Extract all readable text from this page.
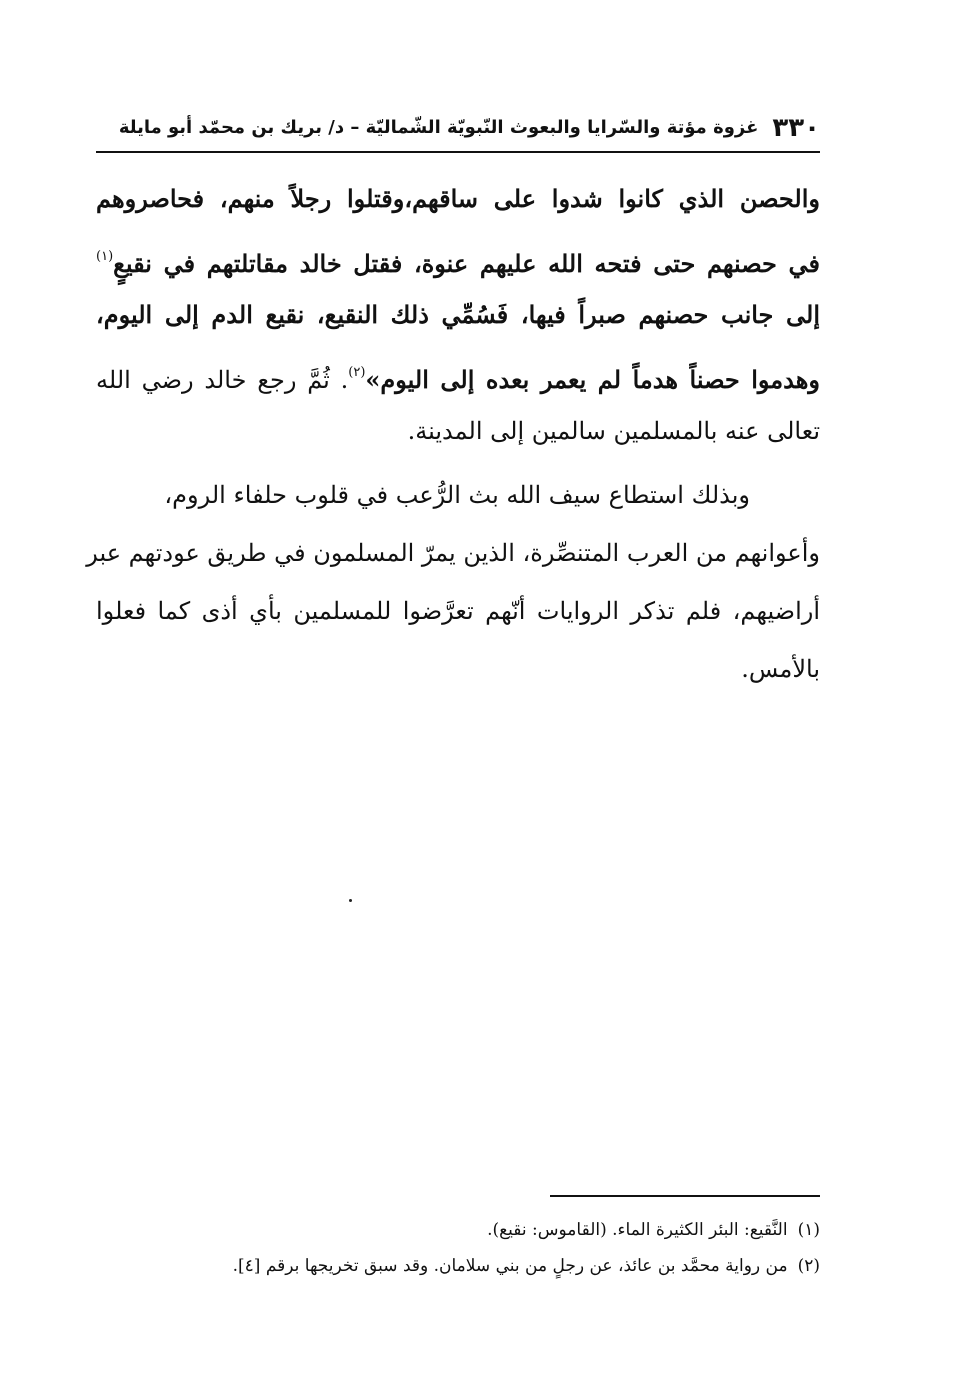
٣٣٠
غزوة مؤتة والسّرايا والبعوث النّبويّة الشّماليّة – د/ بريك بن محمّد أبو مايلة
والحصن الذي كانوا شدوا على ساقهم،وقتلوا رجلاً منهم، فحاصروهم
في حصنهم حتى فتحه الله عليهم عنوة، فقتل خالد مقاتلتهم في نقيعٍ$^{(١)}$
إلى جانب حصنهم صبراً فيها، فَسُمِّي ذلك النقيع، نقيع الدم إلى اليوم،
وهدموا حصناً هدماً لم يعمر بعده إلى اليوم»$^{(٢)}$. ثُمَّ رجع خالد رضي الله
تعالى عنه بالمسلمين سالمين إلى المدينة.
وبذلك استطاع سيف الله بث الرُّعب في قلوب حلفاء الروم،
وأعوانهم من العرب المتنصِّرة، الذين يمرّ المسلمون في طريق عودتهم عبر
أراضيهم، فلم تذكر الروايات أنّهم تعرَّضوا للمسلمين بأي أذى كما فعلوا
بالأمس.
(١)النَّقيع: البئر الكثيرة الماء. (القاموس: نقيع).
(٢)من رواية محمَّد بن عائذ، عن رجلٍ من بني سلامان. وقد سبق تخريجها برقم [٤].
